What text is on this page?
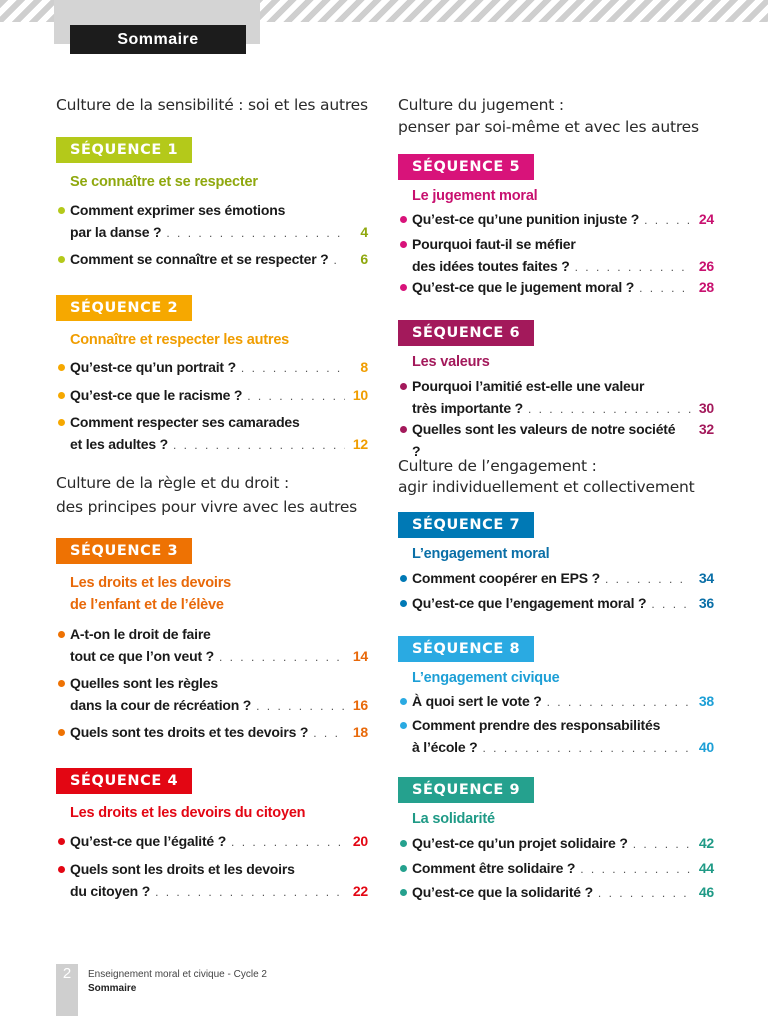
Sommaire
Culture de la sensibilité : soi et les autres
SÉQUENCE 1
Se connaître et se respecter
Comment exprimer ses émotions
par la danse ? . . .	4
Comment se connaître et se respecter ? . . .	6
SÉQUENCE 2
Connaître et respecter les autres
Qu’est-ce qu’un portrait ? . . .	8
Qu’est-ce que le racisme ? . . .	10
Comment respecter ses camarades
et les adultes ? . . .	12
Culture de la règle et du droit :
des principes pour vivre avec les autres
SÉQUENCE 3
Les droits et les devoirs
de l’enfant et de l’élève
A-t-on le droit de faire
tout ce que l’on veut ? . . .	14
Quelles sont les règles
dans la cour de récréation ? . . .	16
Quels sont tes droits et tes devoirs ? . . .	18
SÉQUENCE 4
Les droits et les devoirs du citoyen
Qu’est-ce que l’égalité ? . . .	20
Quels sont les droits et les devoirs
du citoyen ? . . .	22
Culture du jugement :
penser par soi-même et avec les autres
SÉQUENCE 5
Le jugement moral
Qu’est-ce qu’une punition injuste ? . . .	24
Pourquoi faut-il se méfier
des idées toutes faites ? . . .	26
Qu’est-ce que le jugement moral ? . . .	28
SÉQUENCE 6
Les valeurs
Pourquoi l’amitié est-elle une valeur
très importante ? . . .	30
Quelles sont les valeurs de notre société ?
32
Culture de l’engagement :
agir individuellement et collectivement
SÉQUENCE 7
L’engagement moral
Comment coopérer en EPS ? . . .	34
Qu’est-ce que l’engagement moral ? . . .	36
SÉQUENCE 8
L’engagement civique
À quoi sert le vote ? . . .	38
Comment prendre des responsabilités
à l’école ? . . .	40
SÉQUENCE 9
La solidarité
Qu’est-ce qu’un projet solidaire ? . . .	42
Comment être solidaire ? . . .	44
Qu’est-ce que la solidarité ? . . .	46
2	Enseignement moral et civique - Cycle 2
Sommaire
